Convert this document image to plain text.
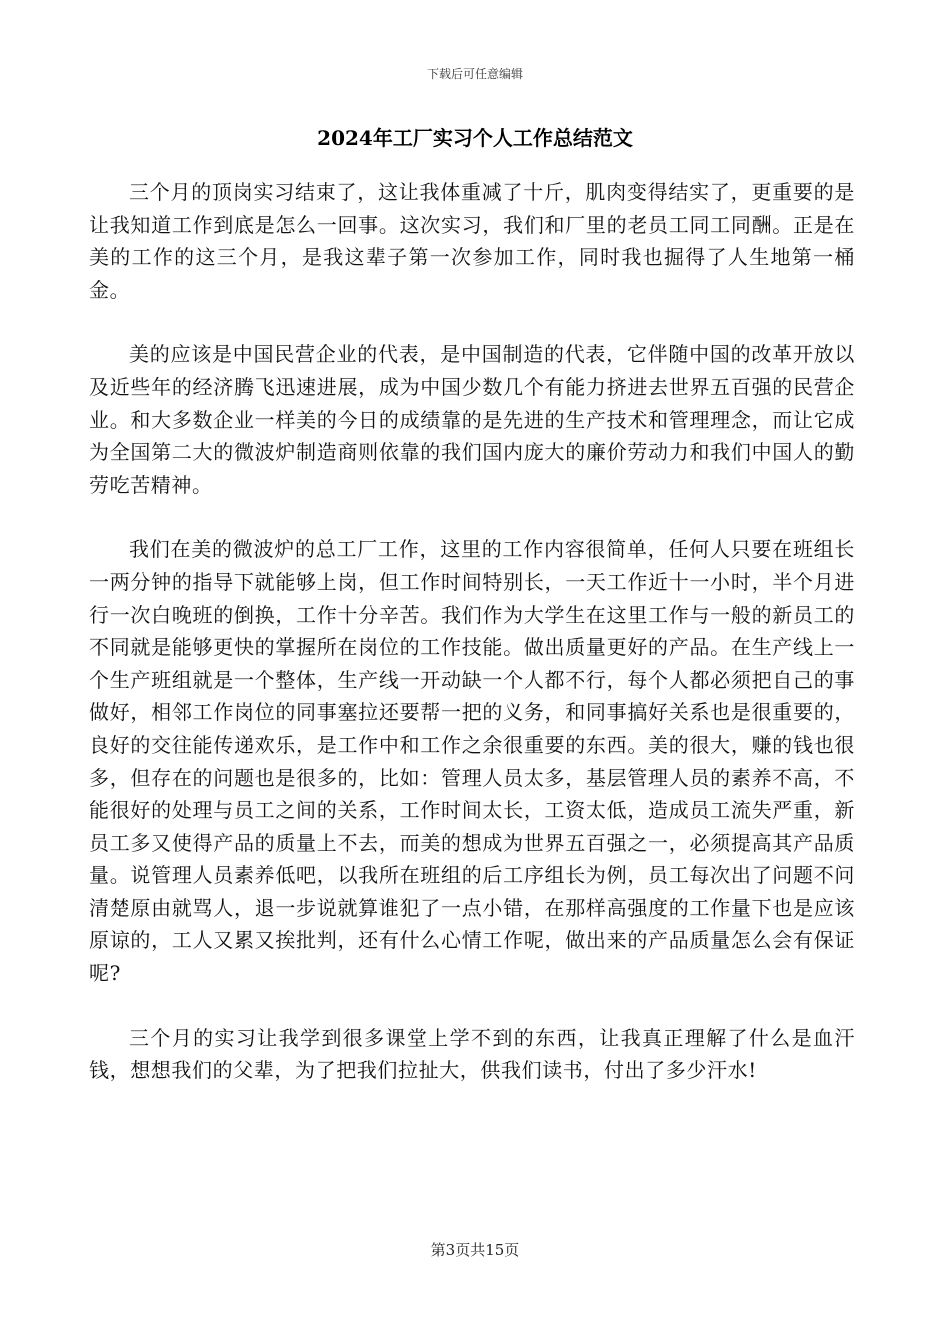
下载后可任意编辑
2024年工厂实习个人工作总结范文

三个月的顶岗实习结束了，这让我体重减了十斤，肌肉变得结实了，更重要的是让我知道工作到底是怎么一回事。这次实习，我们和厂里的老员工同工同酬。正是在美的工作的这三个月，是我这辈子第一次参加工作，同时我也掘得了人生地第一桶金。

美的应该是中国民营企业的代表，是中国制造的代表，它伴随中国的改革开放以及近些年的经济腾飞迅速进展，成为中国少数几个有能力挤进去世界五百强的民营企业。和大多数企业一样美的今日的成绩靠的是先进的生产技术和管理理念，而让它成为全国第二大的微波炉制造商则依靠的我们国内庞大的廉价劳动力和我们中国人的勤劳吃苦精神。

我们在美的微波炉的总工厂工作，这里的工作内容很简单，任何人只要在班组长一两分钟的指导下就能够上岗，但工作时间特别长，一天工作近十一小时，半个月进行一次白晚班的倒换，工作十分辛苦。我们作为大学生在这里工作与一般的新员工的不同就是能够更快的掌握所在岗位的工作技能。做出质量更好的产品。在生产线上一个生产班组就是一个整体，生产线一开动缺一个人都不行，每个人都必须把自己的事做好，相邻工作岗位的同事塞拉还要帮一把的义务，和同事搞好关系也是很重要的，良好的交往能传递欢乐，是工作中和工作之余很重要的东西。美的很大，赚的钱也很多，但存在的问题也是很多的，比如：管理人员太多，基层管理人员的素养不高，不能很好的处理与员工之间的关系，工作时间太长，工资太低，造成员工流失严重，新员工多又使得产品的质量上不去，而美的想成为世界五百强之一，必须提高其产品质量。说管理人员素养低吧，以我所在班组的后工序组长为例，员工每次出了问题不问清楚原由就骂人，退一步说就算谁犯了一点小错，在那样高强度的工作量下也是应该原谅的，工人又累又挨批判，还有什么心情工作呢，做出来的产品质量怎么会有保证呢?

三个月的实习让我学到很多课堂上学不到的东西，让我真正理解了什么是血汗钱，想想我们的父辈，为了把我们拉扯大，供我们读书，付出了多少汗水!

第3页共15页
